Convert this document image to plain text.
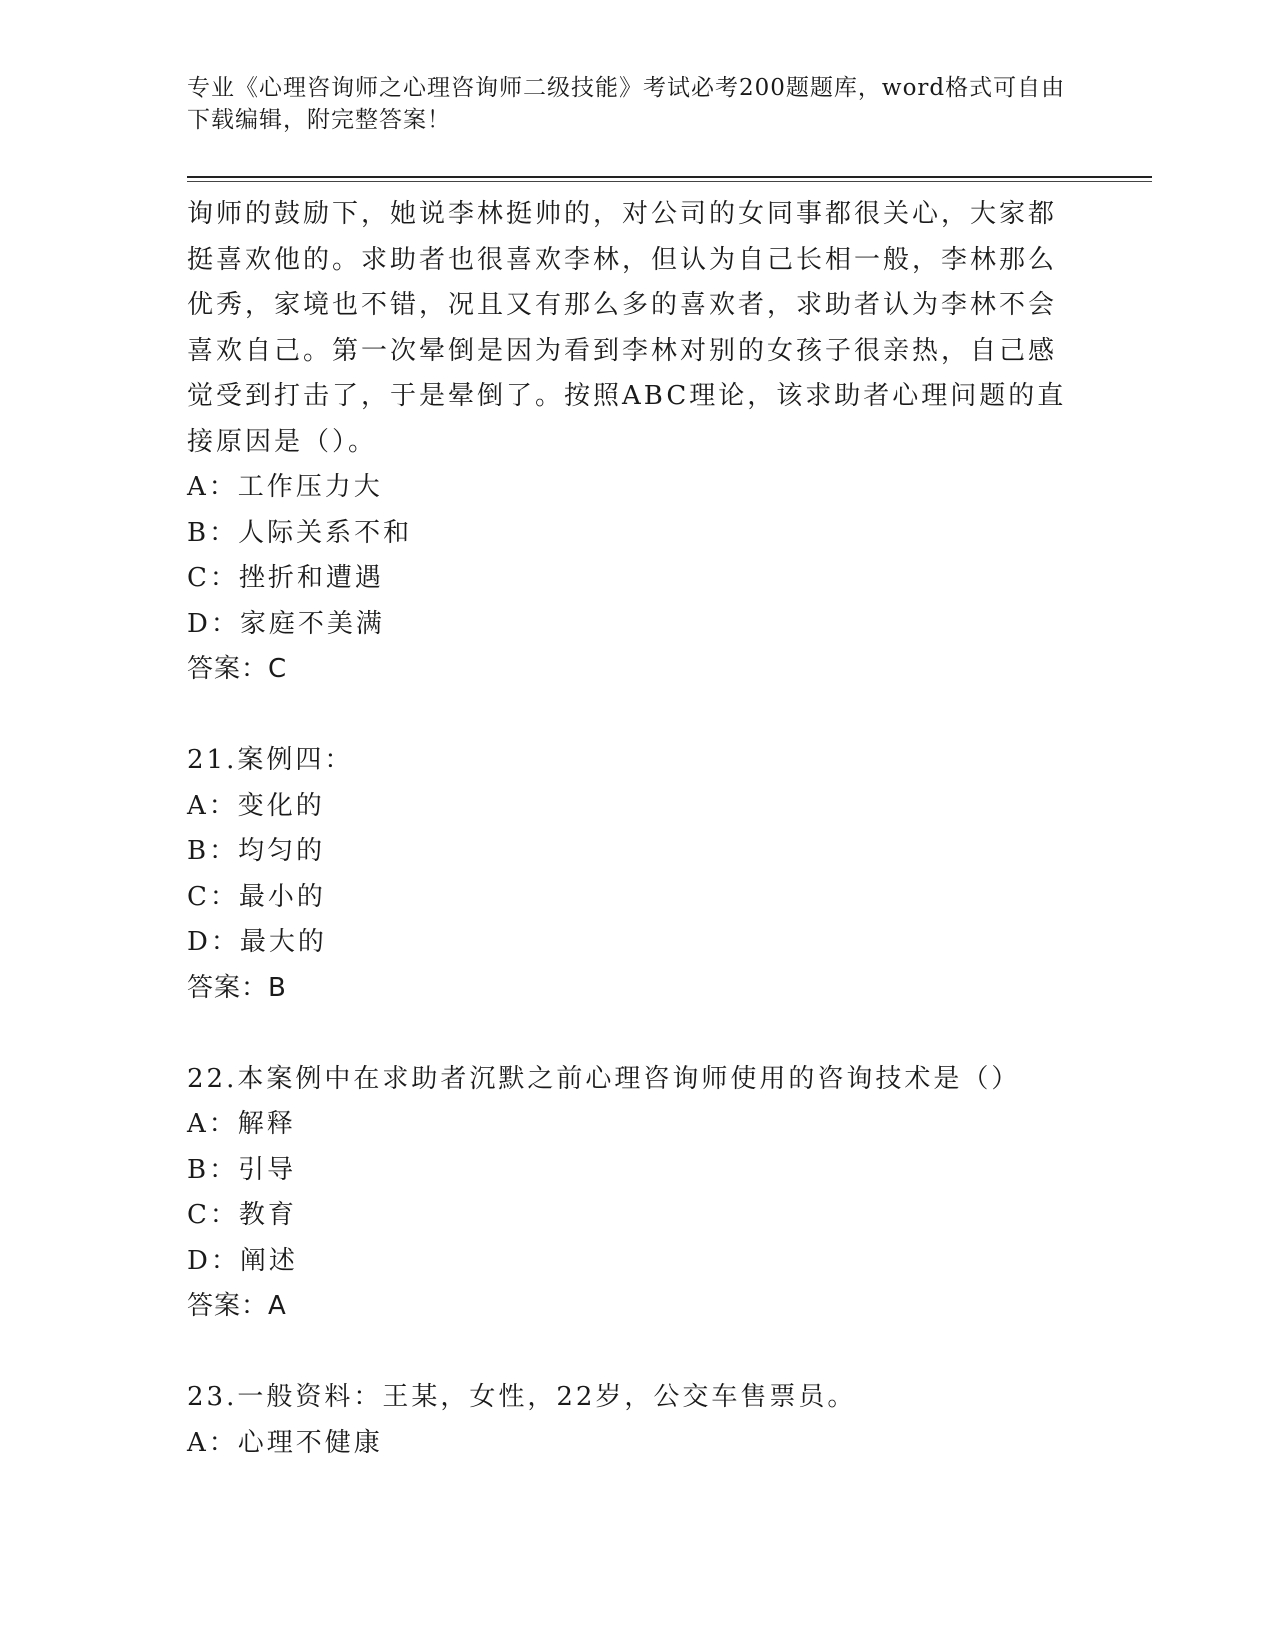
专业《心理咨询师之心理咨询师二级技能》考试必考200题题库，word格式可自由下载编辑，附完整答案！

询师的鼓励下，她说李林挺帅的，对公司的女同事都很关心，大家都挺喜欢他的。求助者也很喜欢李林，但认为自己长相一般，李林那么优秀，家境也不错，况且又有那么多的喜欢者，求助者认为李林不会喜欢自己。第一次晕倒是因为看到李林对别的女孩子很亲热，自己感觉受到打击了，于是晕倒了。按照ABC理论，该求助者心理问题的直接原因是（）。

A：工作压力大

B：人际关系不和

C：挫折和遭遇

D：家庭不美满

答案：C

21.案例四：

A：变化的

B：均匀的

C：最小的

D：最大的

答案：B

22.本案例中在求助者沉默之前心理咨询师使用的咨询技术是（）

A：解释

B：引导

C：教育

D：阐述

答案：A

23.一般资料：王某，女性，22岁，公交车售票员。

A：心理不健康
